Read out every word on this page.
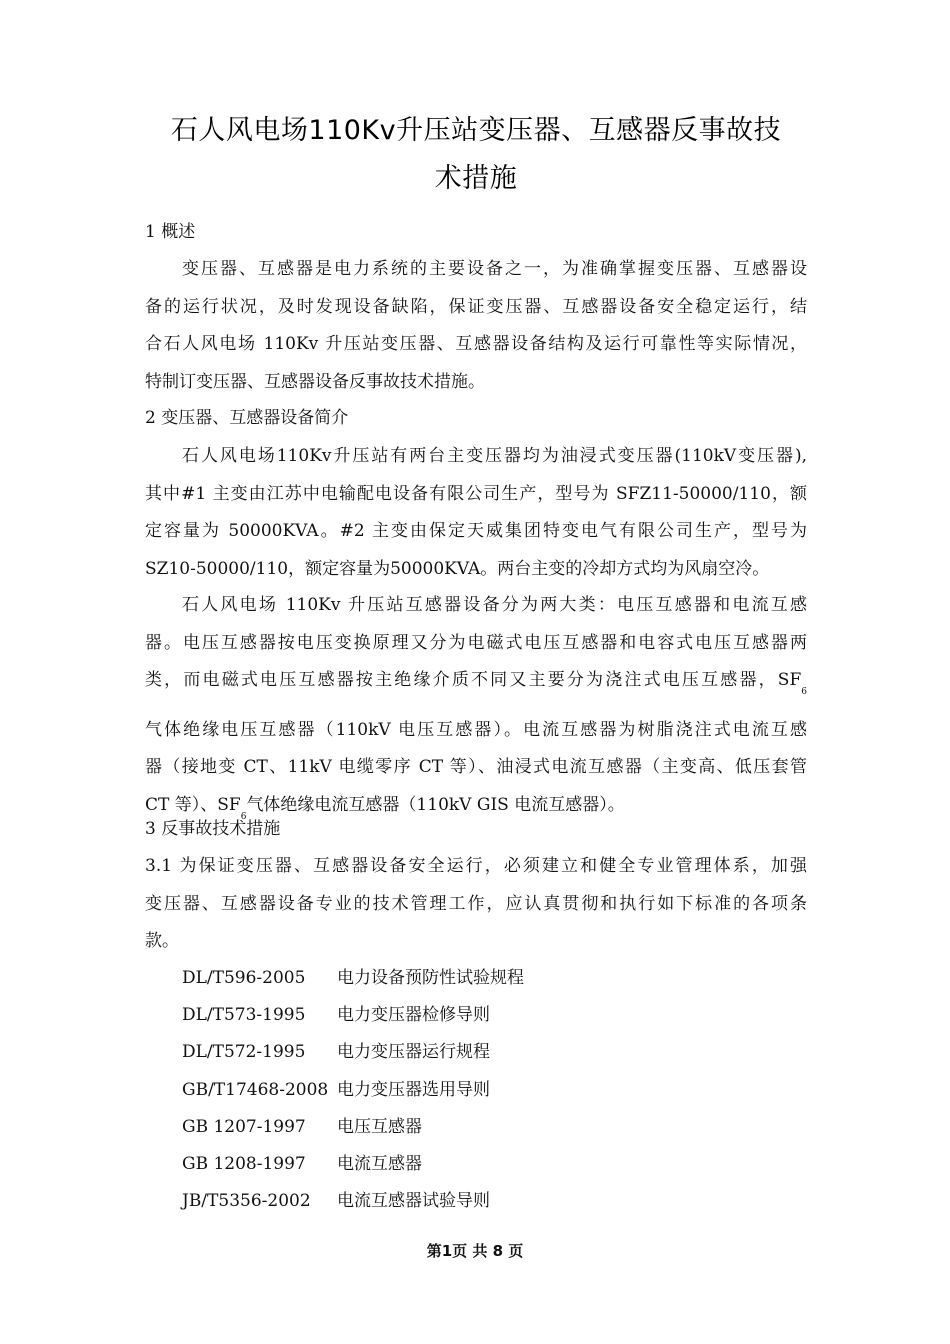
石人风电场110Kv升压站变压器、互感器反事故技
术措施
1 概述
变压器、互感器是电力系统的主要设备之一，为准确掌握变压器、互感器设
备的运行状况，及时发现设备缺陷，保证变压器、互感器设备安全稳定运行，结
合石人风电场 110Kv 升压站变压器、互感器设备结构及运行可靠性等实际情况，
特制订变压器、互感器设备反事故技术措施。
2 变压器、互感器设备简介
石人风电场110Kv升压站有两台主变压器均为油浸式变压器(110kV变压器),
其中#1 主变由江苏中电输配电设备有限公司生产，型号为 SFZ11-50000/110，额
定容量为 50000KVA。#2 主变由保定天威集团特变电气有限公司生产，型号为
SZ10-50000/110，额定容量为50000KVA。两台主变的冷却方式均为风扇空冷。
石人风电场 110Kv 升压站互感器设备分为两大类：电压互感器和电流互感
器。电压互感器按电压变换原理又分为电磁式电压互感器和电容式电压互感器两
类，而电磁式电压互感器按主绝缘介质不同又主要分为浇注式电压互感器，$SF_6$
气体绝缘电压互感器（110kV 电压互感器）。电流互感器为树脂浇注式电流互感
器（接地变 CT、11kV 电缆零序 CT 等）、油浸式电流互感器（主变高、低压套管
CT 等）、$SF_6$气体绝缘电流互感器（110kV GIS 电流互感器）。
3 反事故技术措施
3.1 为保证变压器、互感器设备安全运行，必须建立和健全专业管理体系，加强
变压器、互感器设备专业的技术管理工作，应认真贯彻和执行如下标准的各项条
款。
DL/T596-2005 电力设备预防性试验规程
DL/T573-1995 电力变压器检修导则
DL/T572-1995 电力变压器运行规程
GB/T17468-2008 电力变压器选用导则
GB 1207-1997 电压互感器
GB 1208-1997 电流互感器
JB/T5356-2002 电流互感器试验导则
第1页 共 8 页
